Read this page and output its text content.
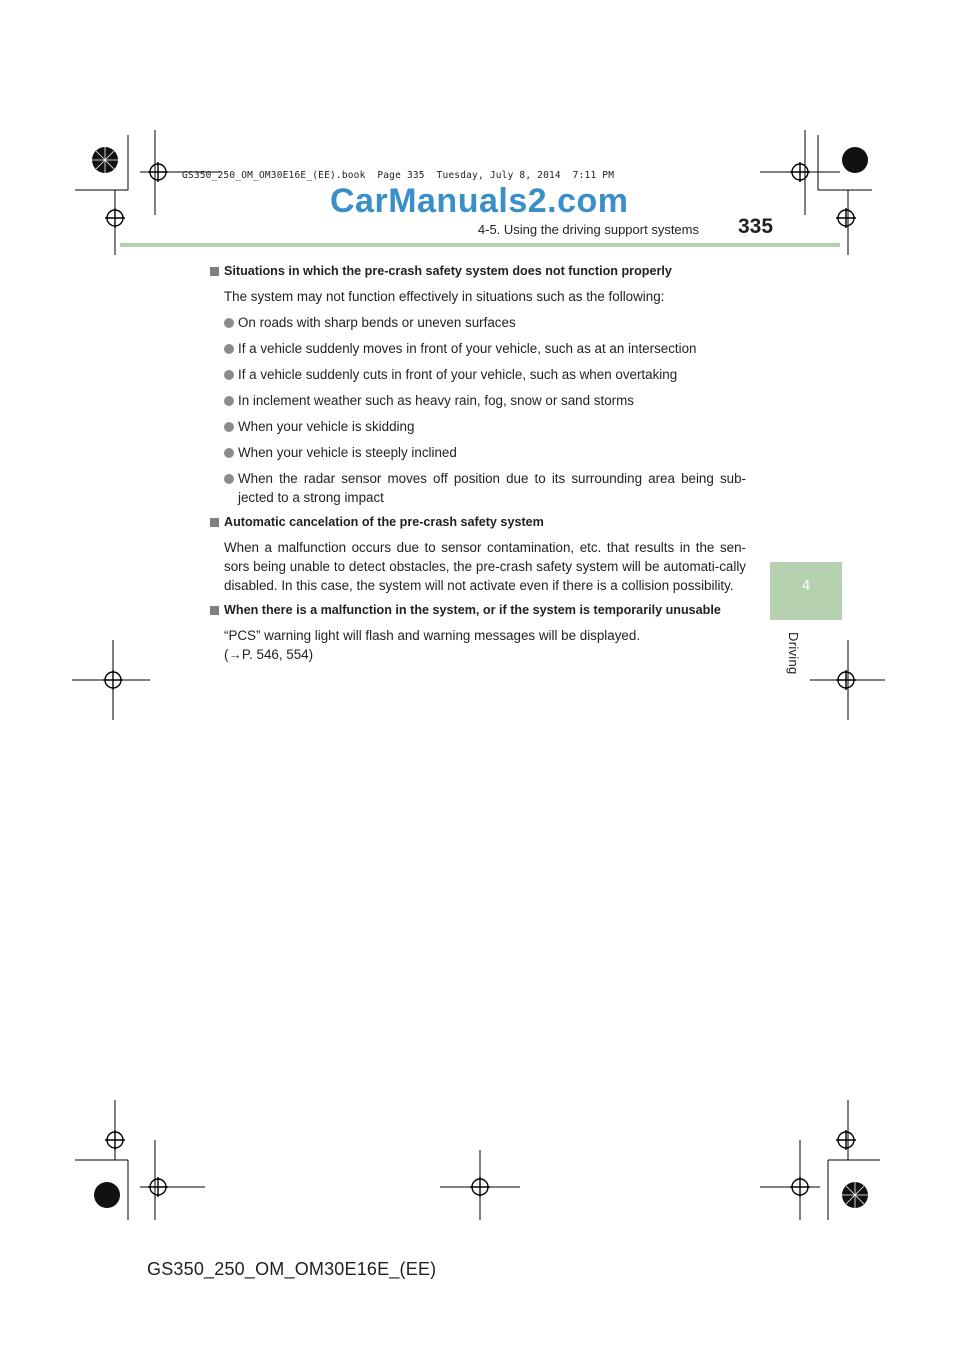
GS350_250_OM_OM30E16E_(EE).book  Page 335  Tuesday, July 8, 2014  7:11 PM
CarManuals2.com
4-5. Using the driving support systems 335
4
Driving
Situations in which the pre-crash safety system does not function properly
The system may not function effectively in situations such as the following:
On roads with sharp bends or uneven surfaces
If a vehicle suddenly moves in front of your vehicle, such as at an intersection
If a vehicle suddenly cuts in front of your vehicle, such as when overtaking
In inclement weather such as heavy rain, fog, snow or sand storms
When your vehicle is skidding
When your vehicle is steeply inclined
When the radar sensor moves off position due to its surrounding area being sub-jected to a strong impact
Automatic cancelation of the pre-crash safety system
When a malfunction occurs due to sensor contamination, etc. that results in the sen-sors being unable to detect obstacles, the pre-crash safety system will be automati-cally disabled. In this case, the system will not activate even if there is a collision possibility.
When there is a malfunction in the system, or if the system is temporarily unusable
“PCS” warning light will flash and warning messages will be displayed.
(→P. 546, 554)
GS350_250_OM_OM30E16E_(EE)
